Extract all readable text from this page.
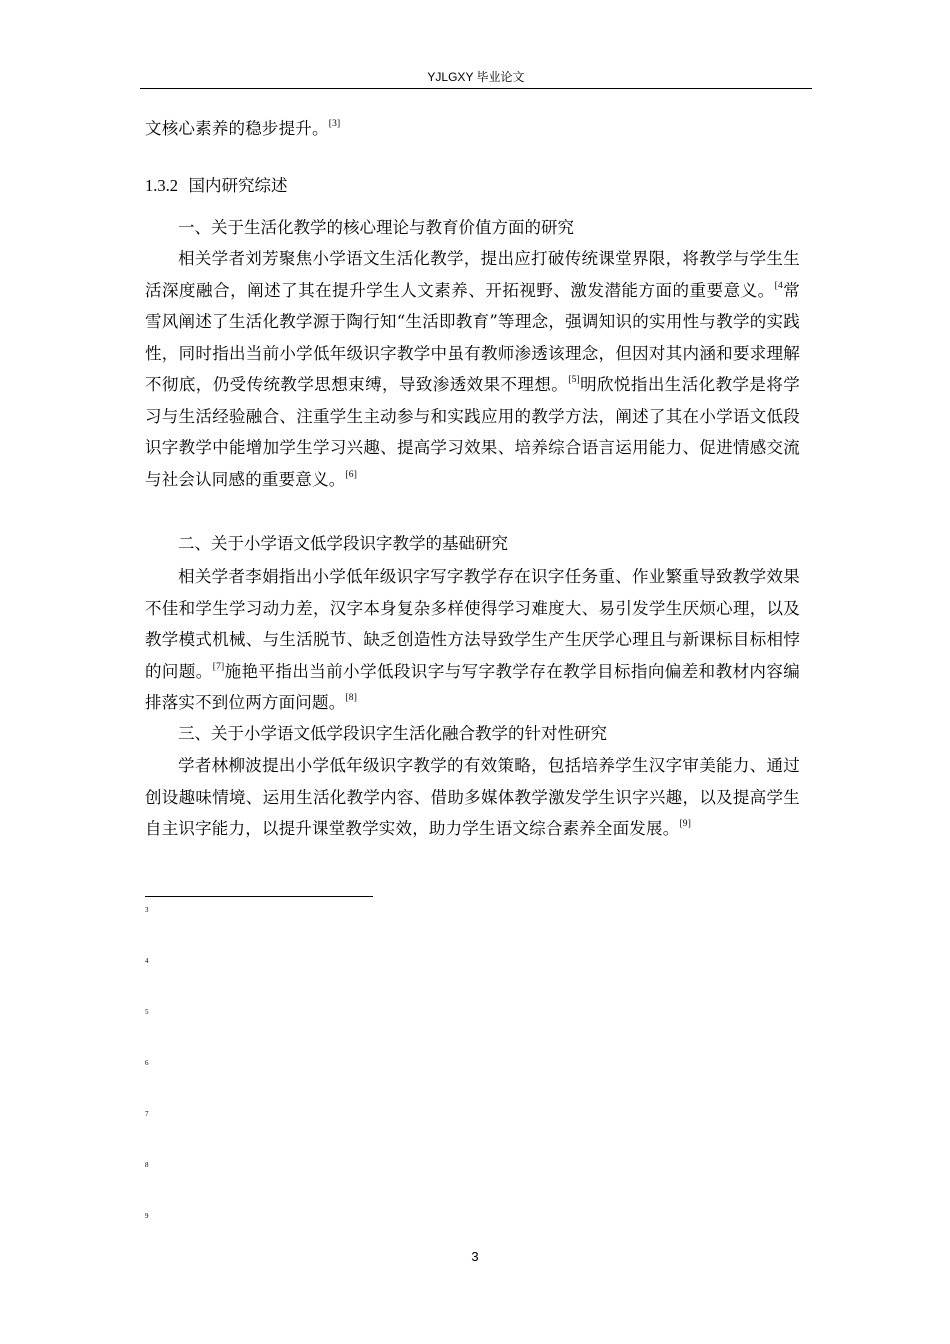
YJLGXY 毕业论文
文核心素养的稳步提升。[3]
1.3.2 国内研究综述
一、关于生活化教学的核心理论与教育价值方面的研究
相关学者刘芳聚焦小学语文生活化教学，提出应打破传统课堂界限，将教学与学生生活深度融合，阐述了其在提升学生人文素养、开拓视野、激发潜能方面的重要意义。$^{[4}$常雪风阐述了生活化教学源于陶行知“生活即教育”等理念，强调知识的实用性与教学的实践性，同时指出当前小学低年级识字教学中虽有教师渗透该理念，但因对其内涵和要求理解不彻底，仍受传统教学思想束缚，导致渗透效果不理想。[5]明欣悦指出生活化教学是将学习与生活经验融合、注重学生主动参与和实践应用的教学方法，阐述了其在小学语文低段识字教学中能增加学生学习兴趣、提高学习效果、培养综合语言运用能力、促进情感交流与社会认同感的重要意义。[6]
二、关于小学语文低学段识字教学的基础研究
相关学者李娟指出小学低年级识字写字教学存在识字任务重、作业繁重导致教学效果不佳和学生学习动力差，汉字本身复杂多样使得学习难度大、易引发学生厌烦心理，以及教学模式机械、与生活脱节、缺乏创造性方法导致学生产生厌学心理且与新课标目标相悖的问题。[7]施艳平指出当前小学低段识字与写字教学存在教学目标指向偏差和教材内容编排落实不到位两方面问题。[8]
三、关于小学语文低学段识字生活化融合教学的针对性研究
学者林柳波提出小学低年级识字教学的有效策略，包括培养学生汉字审美能力、通过创设趣味情境、运用生活化教学内容、借助多媒体教学激发学生识字兴趣，以及提高学生自主识字能力，以提升课堂教学实效，助力学生语文综合素养全面发展。[9]
3
4
5
6
7
8
9
3
